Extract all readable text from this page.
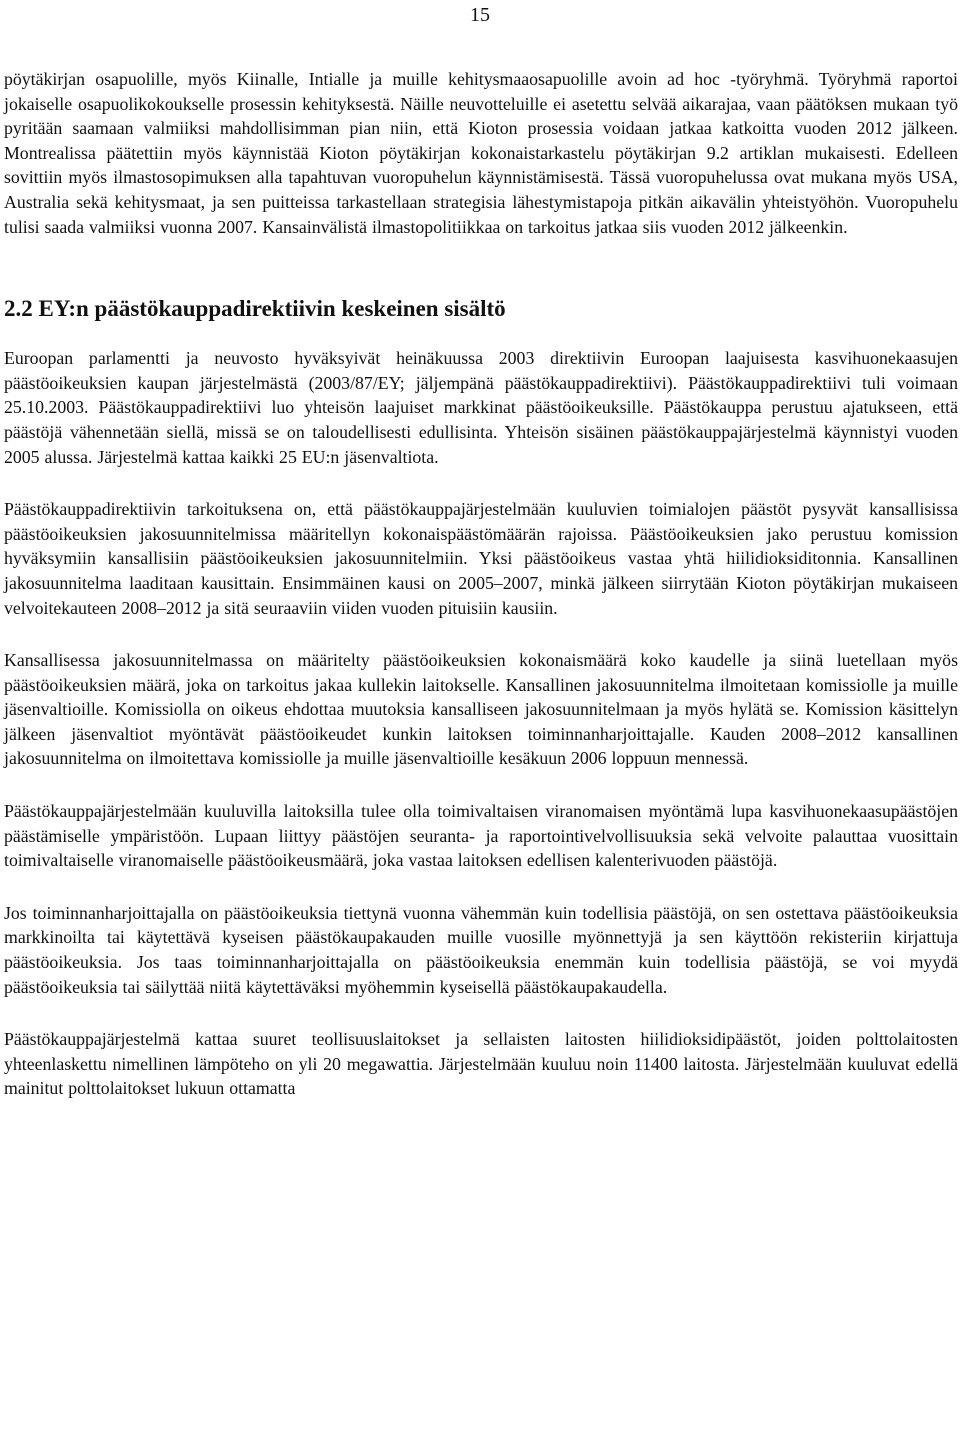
15

pöytäkirjan osapuolille, myös Kiinalle, Intialle ja muille kehitysmaaosapuolille avoin ad hoc -työryhmä. Työryhmä raportoi jokaiselle osapuolikokoukselle prosessin kehityksestä. Näille neuvotteluille ei asetettu selvää aikarajaa, vaan päätöksen mukaan työ pyritään saamaan valmiiksi mahdollisimman pian niin, että Kioton prosessia voidaan jatkaa katkoitta vuoden 2012 jälkeen. Montrealissa päätettiin myös käynnistää Kioton pöytäkirjan kokonaistarkastelu pöytäkirjan 9.2 artiklan mukaisesti. Edelleen sovittiin myös ilmastosopimuksen alla tapahtuvan vuoropuhelun käynnistämisestä. Tässä vuoropuhelussa ovat mukana myös USA, Australia sekä kehitysmaat, ja sen puitteissa tarkastellaan strategisia lähestymistapoja pitkän aikavälin yhteistyöhön. Vuoropuhelu tulisi saada valmiiksi vuonna 2007. Kansainvälistä ilmastopolitiikkaa on tarkoitus jatkaa siis vuoden 2012 jälkeenkin.

2.2 EY:n päästökauppadirektiivin keskeinen sisältö

Euroopan parlamentti ja neuvosto hyväksyivät heinäkuussa 2003 direktiivin Euroopan laajuisesta kasvihuonekaasujen päästöoikeuksien kaupan järjestelmästä (2003/87/EY; jäljempänä päästökauppadirektiivi). Päästökauppadirektiivi tuli voimaan 25.10.2003. Päästökauppadirektiivi luo yhteisön laajuiset markkinat päästöoikeuksille. Päästökauppa perustuu ajatukseen, että päästöjä vähennetään siellä, missä se on taloudellisesti edullisinta. Yhteisön sisäinen päästökauppajärjestelmä käynnistyi vuoden 2005 alussa. Järjestelmä kattaa kaikki 25 EU:n jäsenvaltiota.

Päästökauppadirektiivin tarkoituksena on, että päästökauppajärjestelmään kuuluvien toimialojen päästöt pysyvät kansallisissa päästöoikeuksien jakosuunnitelmissa määritellyn kokonaispäästömäärän rajoissa. Päästöoikeuksien jako perustuu komission hyväksymiin kansallisiin päästöoikeuksien jakosuunnitelmiin. Yksi päästöoikeus vastaa yhtä hiilidioksiditonnia. Kansallinen jakosuunnitelma laaditaan kausittain. Ensimmäinen kausi on 2005–2007, minkä jälkeen siirrytään Kioton pöytäkirjan mukaiseen velvoitekauteen 2008–2012 ja sitä seuraaviin viiden vuoden pituisiin kausiin.

Kansallisessa jakosuunnitelmassa on määritelty päästöoikeuksien kokonaismäärä koko kaudelle ja siinä luetellaan myös päästöoikeuksien määrä, joka on tarkoitus jakaa kullekin laitokselle. Kansallinen jakosuunnitelma ilmoitetaan komissiolle ja muille jäsenvaltioille. Komissiolla on oikeus ehdottaa muutoksia kansalliseen jakosuunnitelmaan ja myös hylätä se. Komission käsittelyn jälkeen jäsenvaltiot myöntävät päästöoikeudet kunkin laitoksen toiminnanharjoittajalle. Kauden 2008–2012 kansallinen jakosuunnitelma on ilmoitettava komissiolle ja muille jäsenvaltioille kesäkuun 2006 loppuun mennessä.

Päästökauppajärjestelmään kuuluvilla laitoksilla tulee olla toimivaltaisen viranomaisen myöntämä lupa kasvihuonekaasupäästöjen päästämiselle ympäristöön. Lupaan liittyy päästöjen seuranta- ja raportointivelvollisuuksia sekä velvoite palauttaa vuosittain toimivaltaiselle viranomaiselle päästöoikeusmäärä, joka vastaa laitoksen edellisen kalenterivuoden päästöjä.

Jos toiminnanharjoittajalla on päästöoikeuksia tiettynä vuonna vähemmän kuin todellisia päästöjä, on sen ostettava päästöoikeuksia markkinoilta tai käytettävä kyseisen päästökaupakauden muille vuosille myönnettyjä ja sen käyttöön rekisteriin kirjattuja päästöoikeuksia. Jos taas toiminnanharjoittajalla on päästöoikeuksia enemmän kuin todellisia päästöjä, se voi myydä päästöoikeuksia tai säilyttää niitä käytettäväksi myöhemmin kyseisellä päästökaupakaudella.

Päästökauppajärjestelmä kattaa suuret teollisuuslaitokset ja sellaisten laitosten hiilidioksidipäästöt, joiden polttolaitosten yhteenlaskettu nimellinen lämpöteho on yli 20 megawattia. Järjestelmään kuuluu noin 11400 laitosta. Järjestelmään kuuluvat edellä mainitut polttolaitokset lukuun ottamatta
